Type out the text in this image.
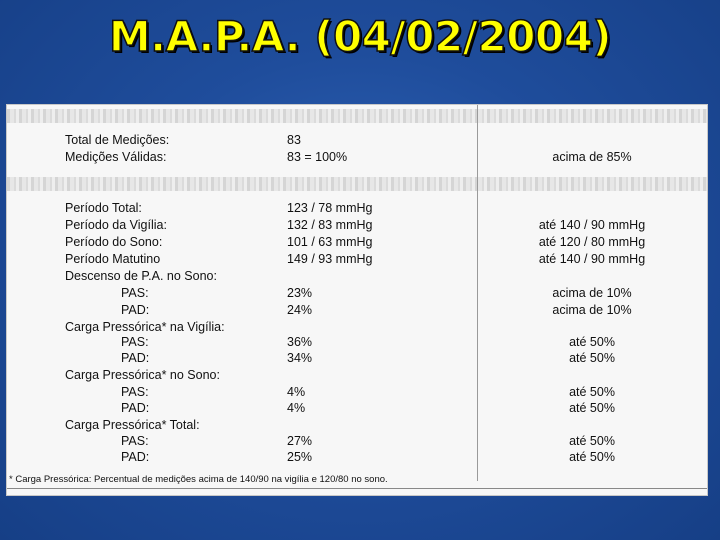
M.A.P.A. (04/02/2004)
Total de Medições:	83
Medições Válidas:	83 = 100%	acima de 85%
Período Total:	123 / 78 mmHg
Período da Vigília:	132 / 83 mmHg	até 140 / 90 mmHg
Período do Sono:	101 / 63 mmHg	até 120 / 80 mmHg
Período Matutino	149 / 93 mmHg	até 140 / 90 mmHg
Descenso de P.A. no Sono:
PAS:	23%	acima de 10%
PAD:	24%	acima de 10%
Carga Pressórica* na Vigília:
PAS:	36%	até 50%
PAD:	34%	até 50%
Carga Pressórica* no Sono:
PAS:	4%	até 50%
PAD:	4%	até 50%
Carga Pressórica* Total:
PAS:	27%	até 50%
PAD:	25%	até 50%
* Carga Pressórica: Percentual de medições acima de 140/90 na vigília e 120/80 no sono.
